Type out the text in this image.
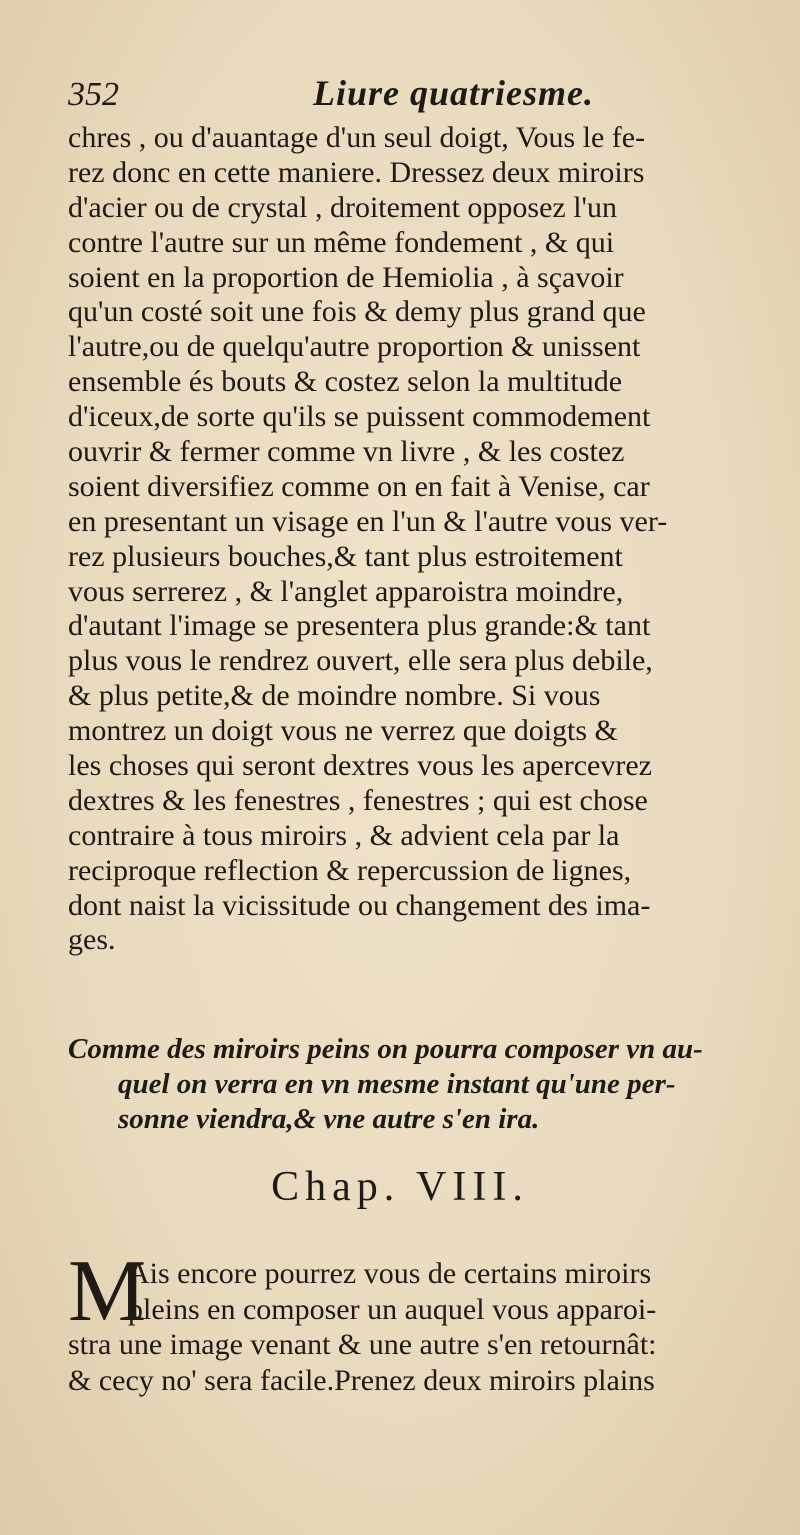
352	Liure quatriesme.
chres , ou d'auantage d'un seul doigt, Vous le fe-
rez donc en cette maniere. Dressez deux miroirs
d'acier ou de crystal , droitement opposez l'un
contre l'autre sur un même fondement , & qui
soient en la proportion de Hemiolia , à sçavoir
qu'un costé soit une fois & demy plus grand que
l'autre,ou de quelqu'autre proportion & unissent
ensemble és bouts & costez selon la multitude
d'iceux,de sorte qu'ils se puissent commodement
ouvrir & fermer comme vn livre , & les costez
soient diversifiez comme on en fait à Venise, car
en presentant un visage en l'un & l'autre vous ver-
rez plusieurs bouches,& tant plus estroitement
vous serrerez , & l'anglet apparoistra moindre,
d'autant l'image se presentera plus grande:& tant
plus vous le rendrez ouvert, elle sera plus debile,
& plus petite,& de moindre nombre. Si vous
montrez un doigt vous ne verrez que doigts &
les choses qui seront dextres vous les apercevrez
dextres & les fenestres , fenestres ; qui est chose
contraire à tous miroirs , & advient cela par la
reciproque reflection & repercussion de lignes,
dont naist la vicissitude ou changement des ima-
ges.
Comme des miroirs peins on pourra composer vn au-
quel on verra en vn mesme instant qu'une per-
sonne viendra,& vne autre s'en ira.
Chap. VIII.
M
Ais encore pourrez vous de certains miroirs
pleins en composer un auquel vous apparoi-
stra une image venant & une autre s'en retournât:
& cecy no' sera facile.Prenez deux miroirs plains
